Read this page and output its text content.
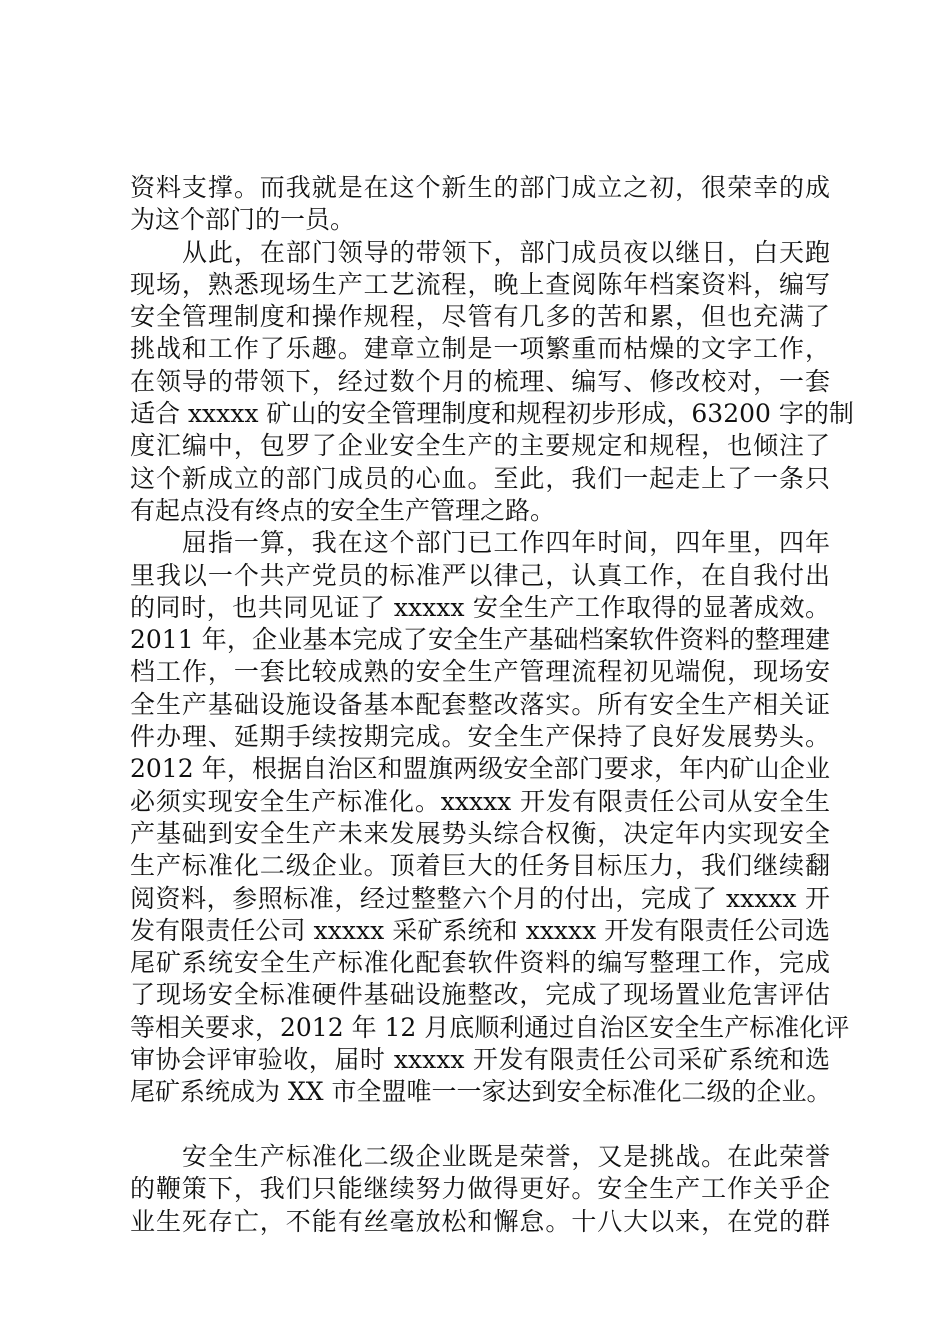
资料支撑。而我就是在这个新生的部门成立之初，很荣幸的成
为这个部门的一员。
从此，在部门领导的带领下，部门成员夜以继日，白天跑
现场，熟悉现场生产工艺流程，晚上查阅陈年档案资料，编写
安全管理制度和操作规程，尽管有几多的苦和累，但也充满了
挑战和工作了乐趣。建章立制是一项繁重而枯燥的文字工作，
在领导的带领下，经过数个月的梳理、编写、修改校对，一套
适合 xxxxx 矿山的安全管理制度和规程初步形成，63200 字的制
度汇编中，包罗了企业安全生产的主要规定和规程，也倾注了
这个新成立的部门成员的心血。至此，我们一起走上了一条只
有起点没有终点的安全生产管理之路。
屈指一算，我在这个部门已工作四年时间，四年里，四年
里我以一个共产党员的标准严以律己，认真工作，在自我付出
的同时，也共同见证了 xxxxx 安全生产工作取得的显著成效。
2011 年，企业基本完成了安全生产基础档案软件资料的整理建
档工作，一套比较成熟的安全生产管理流程初见端倪，现场安
全生产基础设施设备基本配套整改落实。所有安全生产相关证
件办理、延期手续按期完成。安全生产保持了良好发展势头。
2012 年，根据自治区和盟旗两级安全部门要求，年内矿山企业
必须实现安全生产标准化。xxxxx 开发有限责任公司从安全生
产基础到安全生产未来发展势头综合权衡，决定年内实现安全
生产标准化二级企业。顶着巨大的任务目标压力，我们继续翻
阅资料，参照标准，经过整整六个月的付出，完成了 xxxxx 开
发有限责任公司 xxxxx 采矿系统和 xxxxx 开发有限责任公司选
尾矿系统安全生产标准化配套软件资料的编写整理工作，完成
了现场安全标准硬件基础设施整改，完成了现场置业危害评估
等相关要求，2012 年 12 月底顺利通过自治区安全生产标准化评
审协会评审验收，届时 xxxxx 开发有限责任公司采矿系统和选
尾矿系统成为 XX 市全盟唯一一家达到安全标准化二级的企业。
安全生产标准化二级企业既是荣誉，又是挑战。在此荣誉
的鞭策下，我们只能继续努力做得更好。安全生产工作关乎企
业生死存亡，不能有丝毫放松和懈怠。十八大以来，在党的群
